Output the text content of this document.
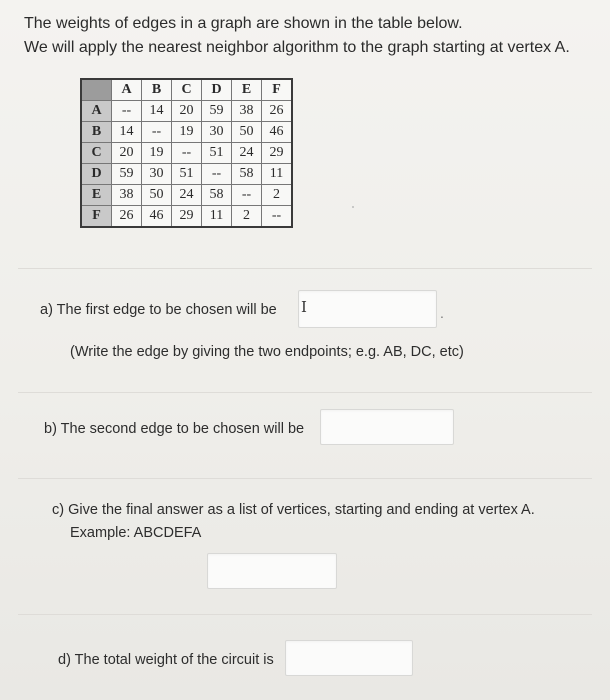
The weights of edges in a graph are shown in the table below.
We will apply the nearest neighbor algorithm to the graph starting at vertex A.
	A	B	C	D	E	F
A	--	14	20	59	38	26
B	14	--	19	30	50	46
C	20	19	--	51	24	29
D	59	30	51	--	58	11
E	38	50	24	58	--	2
F	26	46	29	11	2	--
a) The first edge to be chosen will be I	.
(Write the edge by giving the two endpoints; e.g. AB, DC, etc)
b) The second edge to be chosen will be
c) Give the final answer as a list of vertices, starting and ending at vertex A.
Example: ABCDEFA
d) The total weight of the circuit is
